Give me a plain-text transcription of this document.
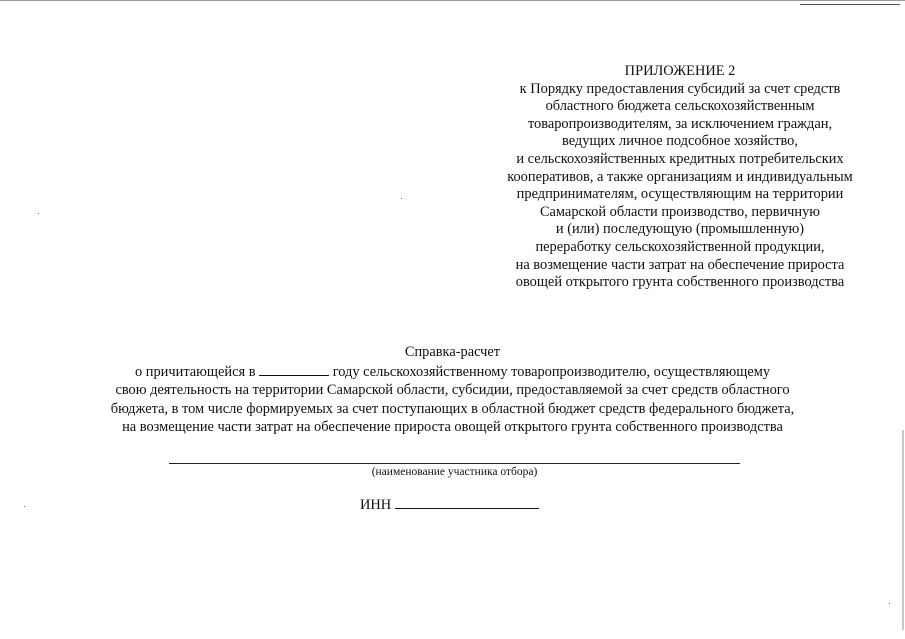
ПРИЛОЖЕНИЕ 2
к Порядку предоставления субсидий за счет средств
областного бюджета сельскохозяйственным
товаропроизводителям, за исключением граждан,
ведущих личное подсобное хозяйство,
и сельскохозяйственных кредитных потребительских
кооперативов, а также организациям и индивидуальным
предпринимателям, осуществляющим на территории
Самарской области производство, первичную
и (или) последующую (промышленную)
переработку сельскохозяйственной продукции,
на возмещение части затрат на обеспечение прироста
овощей открытого грунта собственного производства
Справка-расчет
о причитающейся в	году сельскохозяйственному товаропроизводителю, осуществляющему
свою деятельность на территории Самарской области, субсидии, предоставляемой за счет средств областного
бюджета, в том числе формируемых за счет поступающих в областной бюджет средств федерального бюджета,
на возмещение части затрат на обеспечение прироста овощей открытого грунта собственного производства
(наименование участника отбора)
ИНН
